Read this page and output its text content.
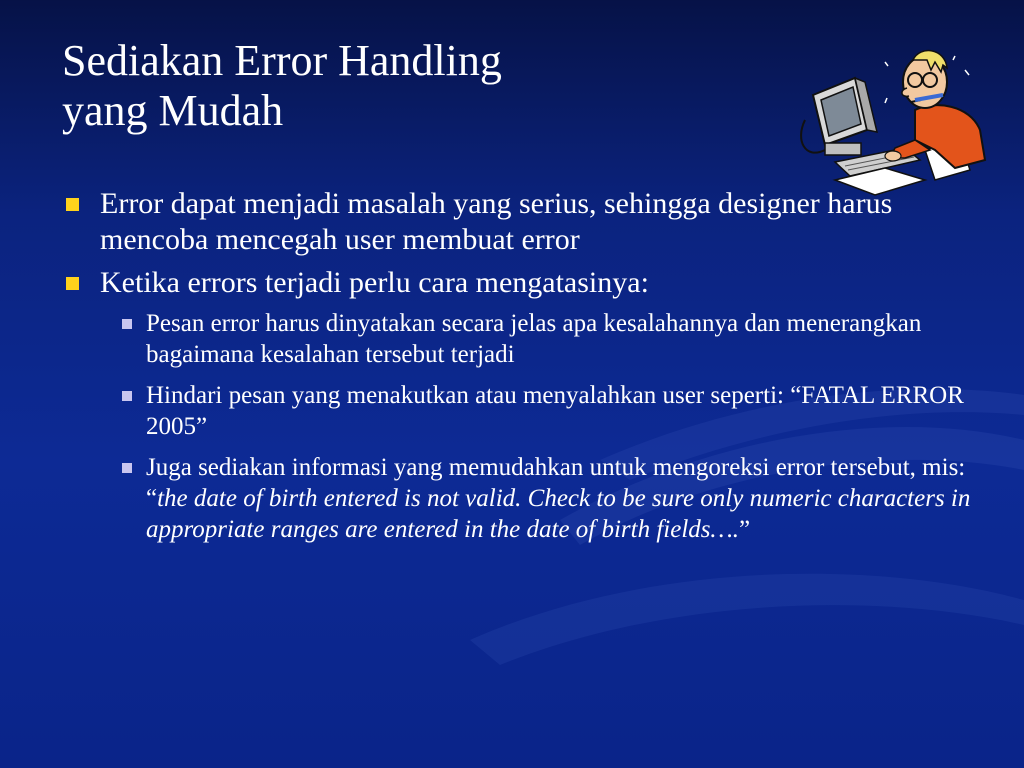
Sediakan Error Handling
yang Mudah
Error dapat menjadi masalah yang serius, sehingga designer harus mencoba mencegah user membuat error
Ketika errors terjadi perlu cara mengatasinya:
Pesan error harus dinyatakan secara jelas apa kesalahannya dan menerangkan bagaimana kesalahan tersebut terjadi
Hindari pesan yang menakutkan atau menyalahkan user seperti: “FATAL ERROR 2005”
Juga sediakan informasi yang memudahkan untuk mengoreksi error tersebut, mis: “the date of birth entered is not valid. Check to be sure only numeric characters in appropriate ranges are entered in the date of birth fields….”
